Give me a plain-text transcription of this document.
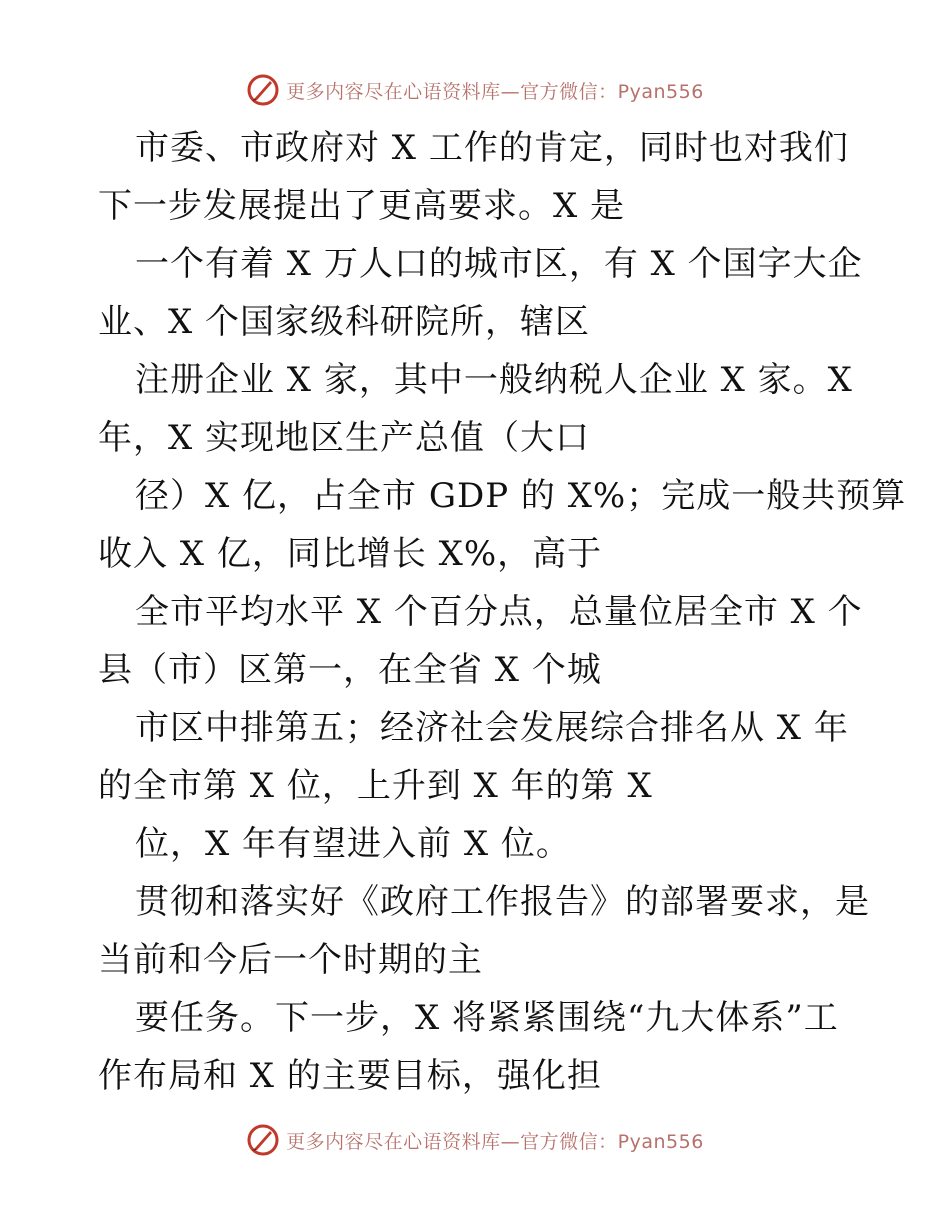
更多内容尽在心语资料库—官方微信：Pyan556
市委、市政府对 X 工作的肯定，同时也对我们
下一步发展提出了更高要求。X 是
一个有着 X 万人口的城市区，有 X 个国字大企
业、X 个国家级科研院所，辖区
注册企业 X 家，其中一般纳税人企业 X 家。X
年，X 实现地区生产总值（大口
径）X 亿，占全市 GDP 的 X%；完成一般共预算
收入 X 亿，同比增长 X%，高于
全市平均水平 X 个百分点，总量位居全市 X 个
县（市）区第一，在全省 X 个城
市区中排第五；经济社会发展综合排名从 X 年
的全市第 X 位，上升到 X 年的第 X
位，X 年有望进入前 X 位。
贯彻和落实好《政府工作报告》的部署要求，是
当前和今后一个时期的主
要任务。下一步，X 将紧紧围绕“九大体系”工
作布局和 X 的主要目标，强化担
更多内容尽在心语资料库—官方微信：Pyan556
